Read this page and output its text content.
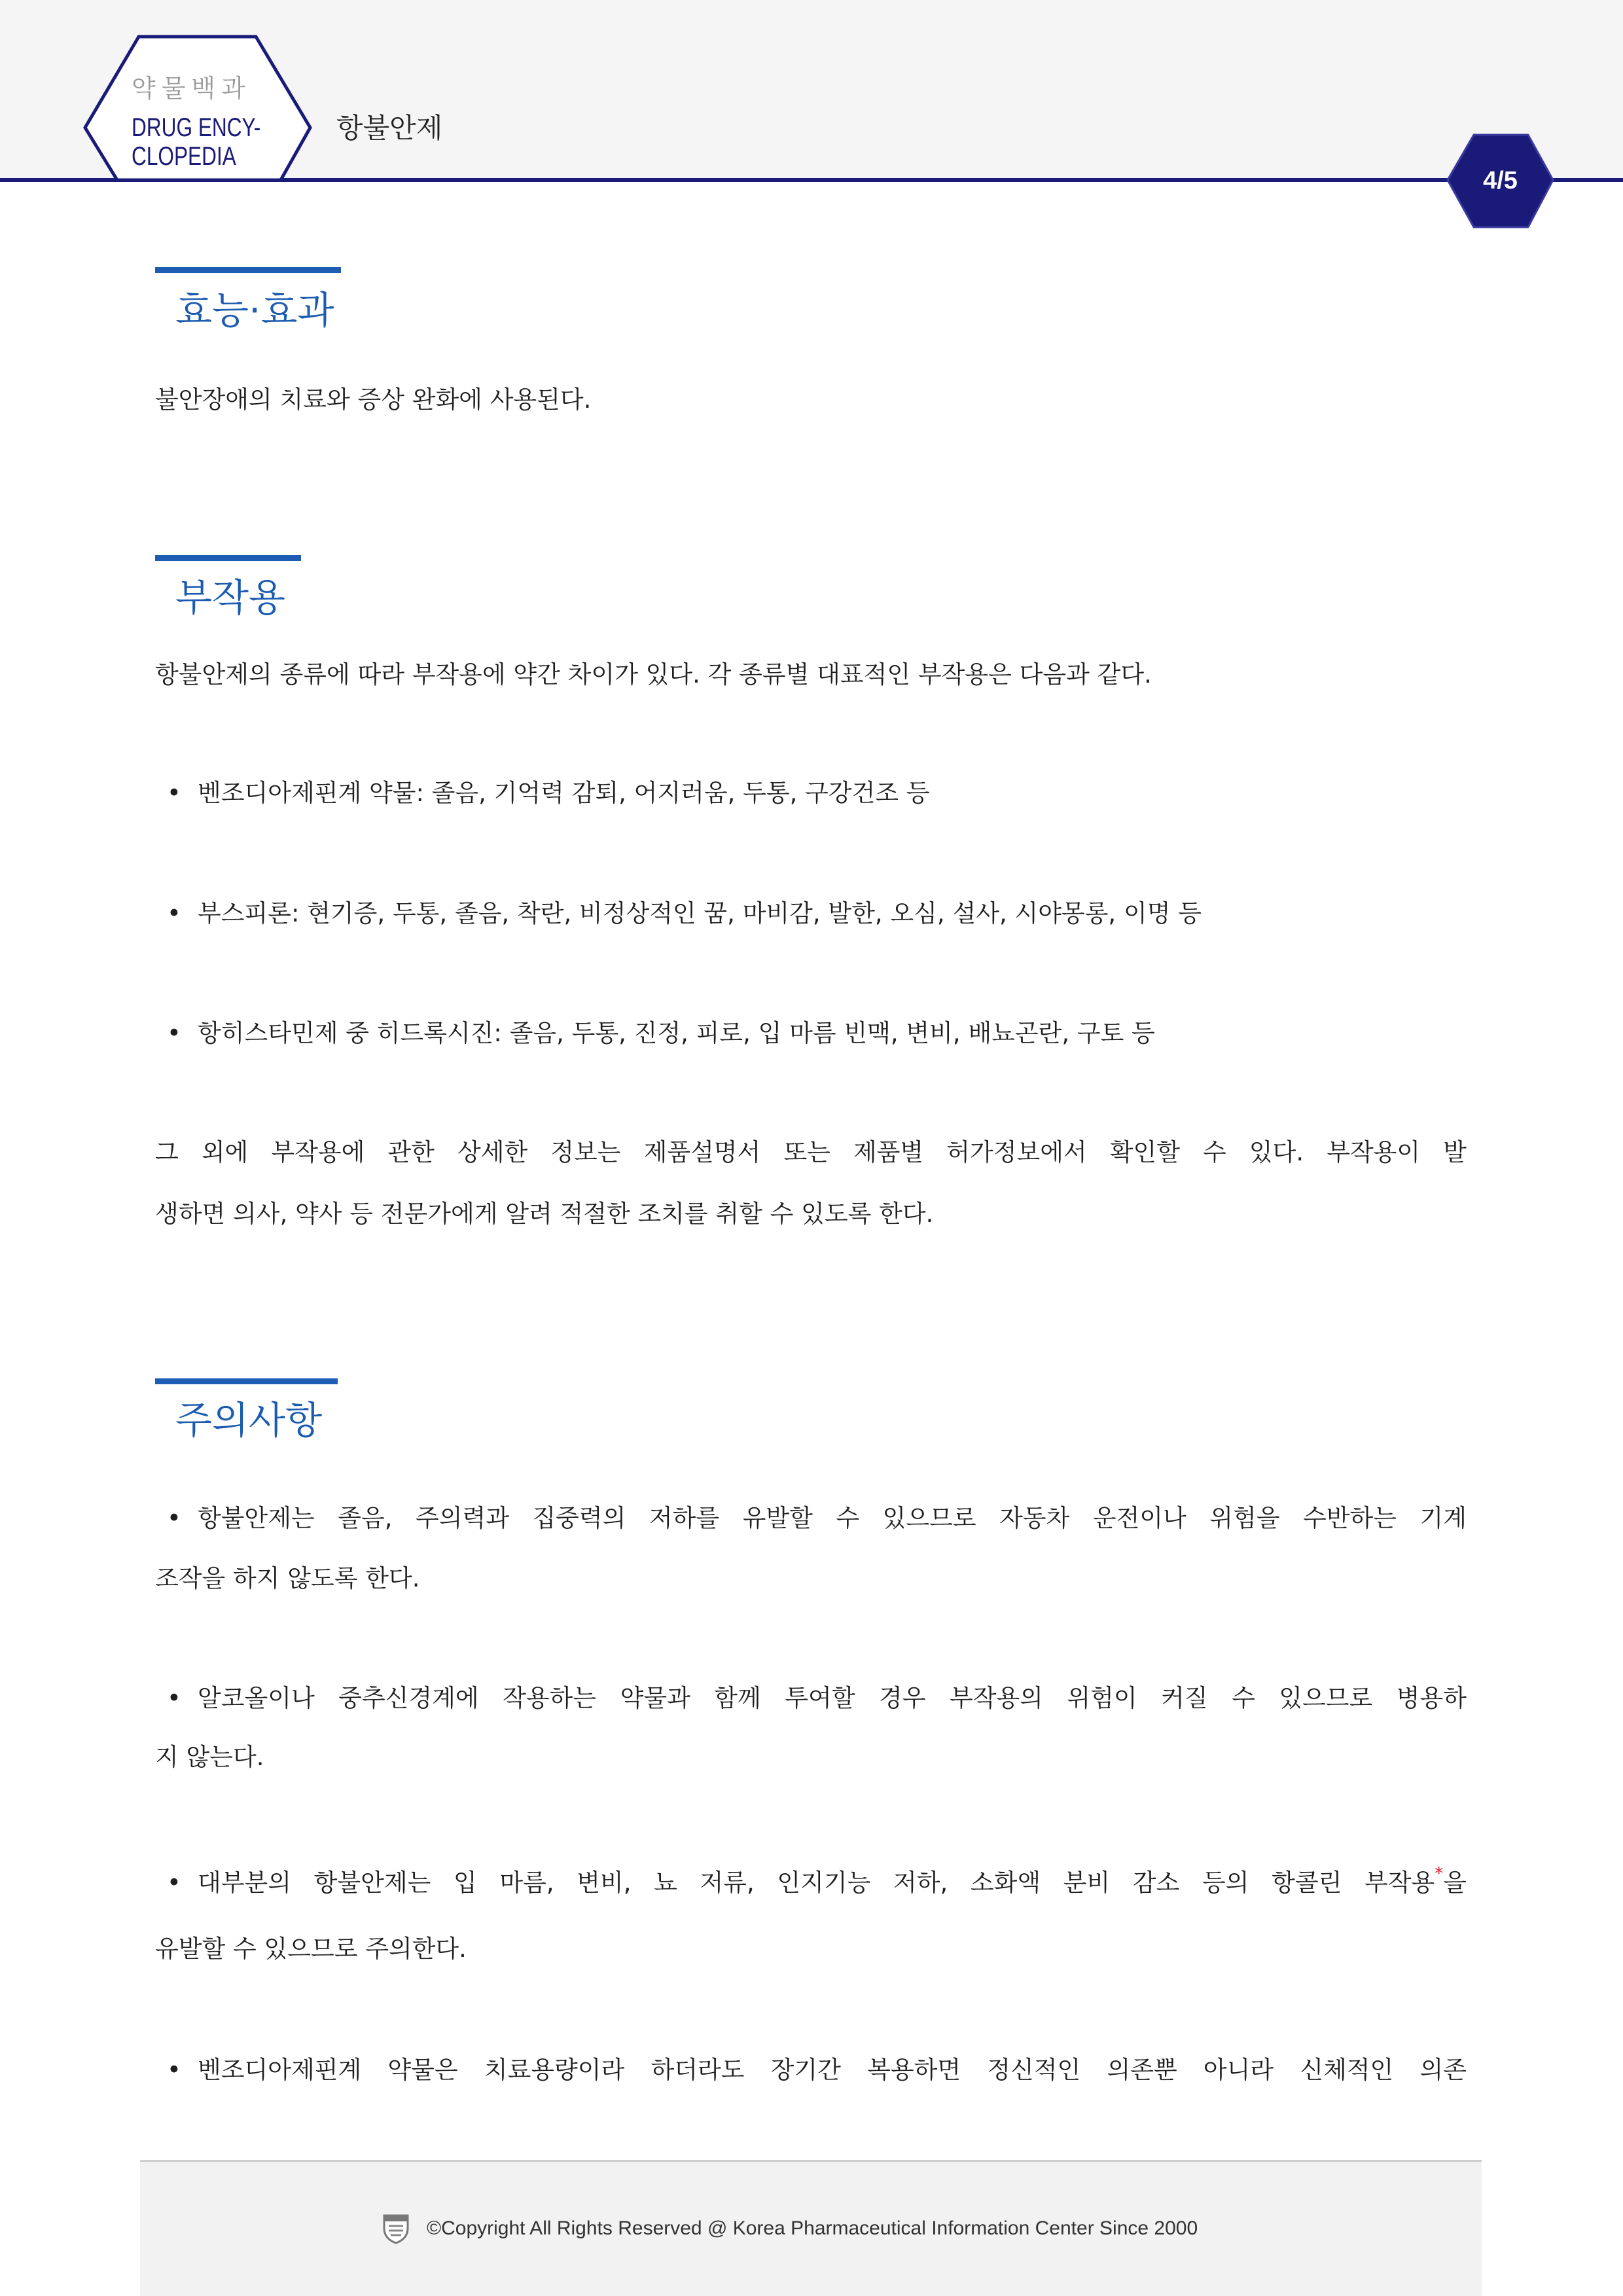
약물백과
DRUG ENCY-
CLOPEDIA
항불안제
4/5
효능·효과
불안장애의 치료와 증상 완화에 사용된다.
부작용
항불안제의 종류에 따라 부작용에 약간 차이가 있다. 각 종류별 대표적인 부작용은 다음과 같다.
• 벤조디아제핀계 약물: 졸음, 기억력 감퇴, 어지러움, 두통, 구강건조 등
• 부스피론: 현기증, 두통, 졸음, 착란, 비정상적인 꿈, 마비감, 발한, 오심, 설사, 시야몽롱, 이명 등
• 항히스타민제 중 히드록시진: 졸음, 두통, 진정, 피로, 입 마름 빈맥, 변비, 배뇨곤란, 구토 등
그 외에 부작용에 관한 상세한 정보는 제품설명서 또는 제품별 허가정보에서 확인할 수 있다. 부작용이 발
생하면 의사, 약사 등 전문가에게 알려 적절한 조치를 취할 수 있도록 한다.
주의사항
• 항불안제는 졸음, 주의력과 집중력의 저하를 유발할 수 있으므로 자동차 운전이나 위험을 수반하는 기계
조작을 하지 않도록 한다.
• 알코올이나 중추신경계에 작용하는 약물과 함께 투여할 경우 부작용의 위험이 커질 수 있으므로 병용하
지 않는다.
• 대부분의 항불안제는 입 마름, 변비, 뇨 저류, 인지기능 저하, 소화액 분비 감소 등의 항콜린 부작용*을
유발할 수 있으므로 주의한다.
• 벤조디아제핀계 약물은 치료용량이라 하더라도 장기간 복용하면 정신적인 의존뿐 아니라 신체적인 의존
©Copyright All Rights Reserved @ Korea Pharmaceutical Information Center Since 2000
